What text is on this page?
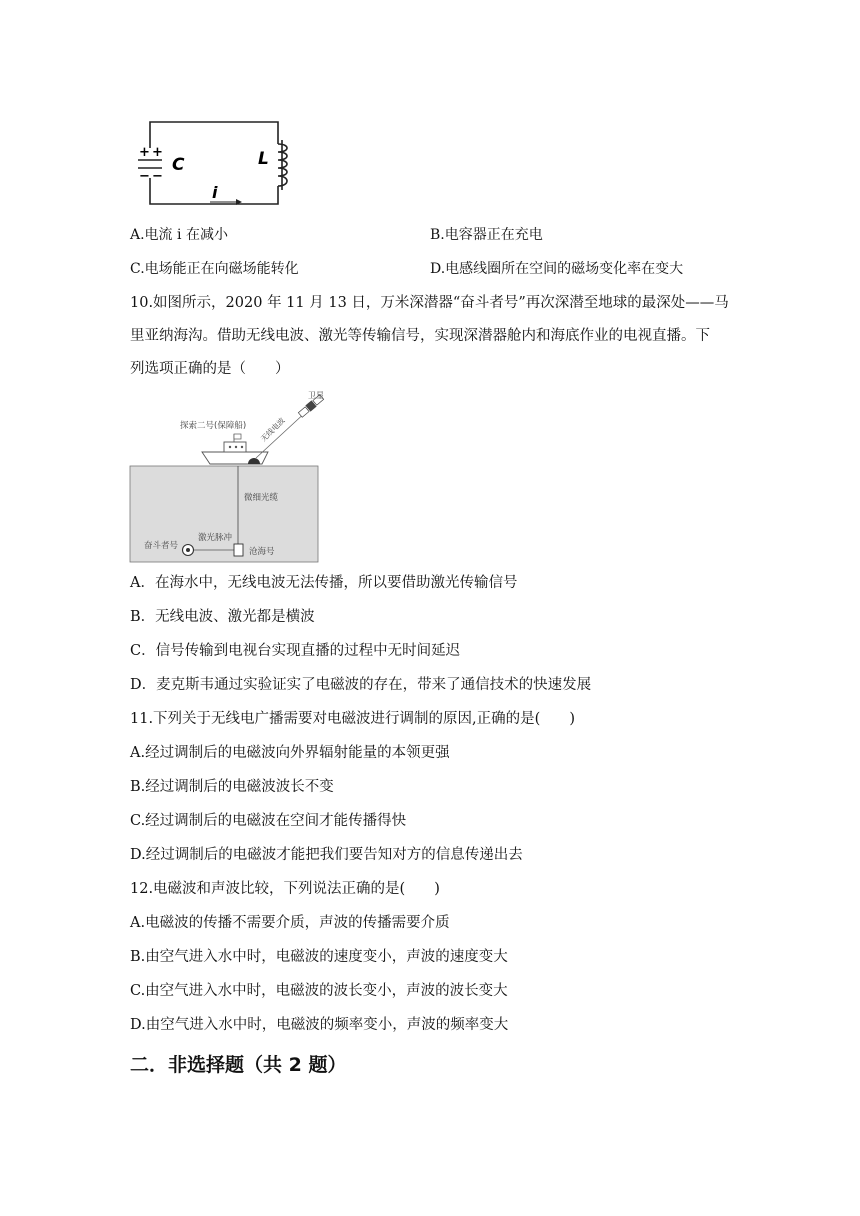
+ +
− −
C	L
i
A.电流 i 在减小	B.电容器正在充电
C.电场能正在向磁场能转化	D.电感线圈所在空间的磁场变化率在变大
10.如图所示，2020 年 11 月 13 日，万米深潜器“奋斗者号”再次深潜至地球的最深处——马
里亚纳海沟。借助无线电波、激光等传输信号，实现深潜器舱内和海底作业的电视直播。下
列选项正确的是（　　）
卫星
探索二号(保障船) 无线电波
微细光缆
激光脉冲
奋斗者号
沧海号
A．在海水中，无线电波无法传播，所以要借助激光传输信号
B．无线电波、激光都是横波
C．信号传输到电视台实现直播的过程中无时间延迟
D．麦克斯韦通过实验证实了电磁波的存在，带来了通信技术的快速发展
11.下列关于无线电广播需要对电磁波进行调制的原因,正确的是(　　)
A.经过调制后的电磁波向外界辐射能量的本领更强
B.经过调制后的电磁波波长不变
C.经过调制后的电磁波在空间才能传播得快
D.经过调制后的电磁波才能把我们要告知对方的信息传递出去
12.电磁波和声波比较，下列说法正确的是(　　)
A.电磁波的传播不需要介质，声波的传播需要介质
B.由空气进入水中时，电磁波的速度变小，声波的速度变大
C.由空气进入水中时，电磁波的波长变小，声波的波长变大
D.由空气进入水中时，电磁波的频率变小，声波的频率变大
二．非选择题（共 2 题）
